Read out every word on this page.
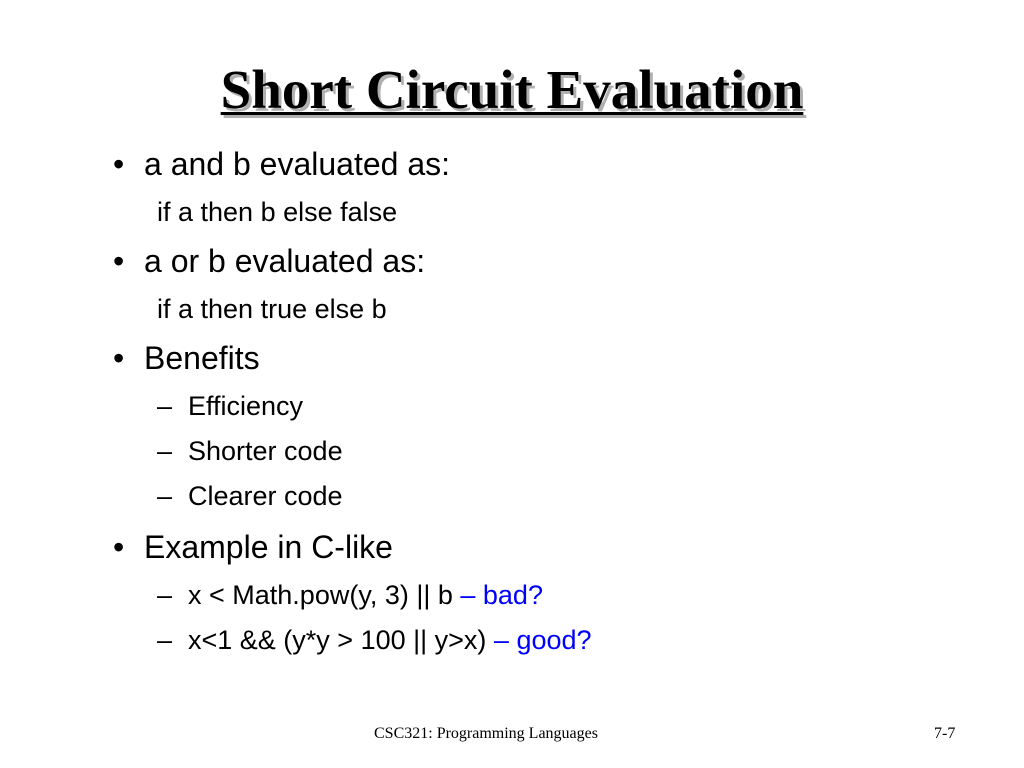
Short Circuit Evaluation
• a and b evaluated as:
if a then b else false
• a or b evaluated as:
if a then true else b
• Benefits
– Efficiency
– Shorter code
– Clearer code
• Example in C-like
– x < Math.pow(y, 3) || b – bad?
– x<1 && (y*y > 100 || y>x) – good?
CSC321: Programming Languages	7-7
